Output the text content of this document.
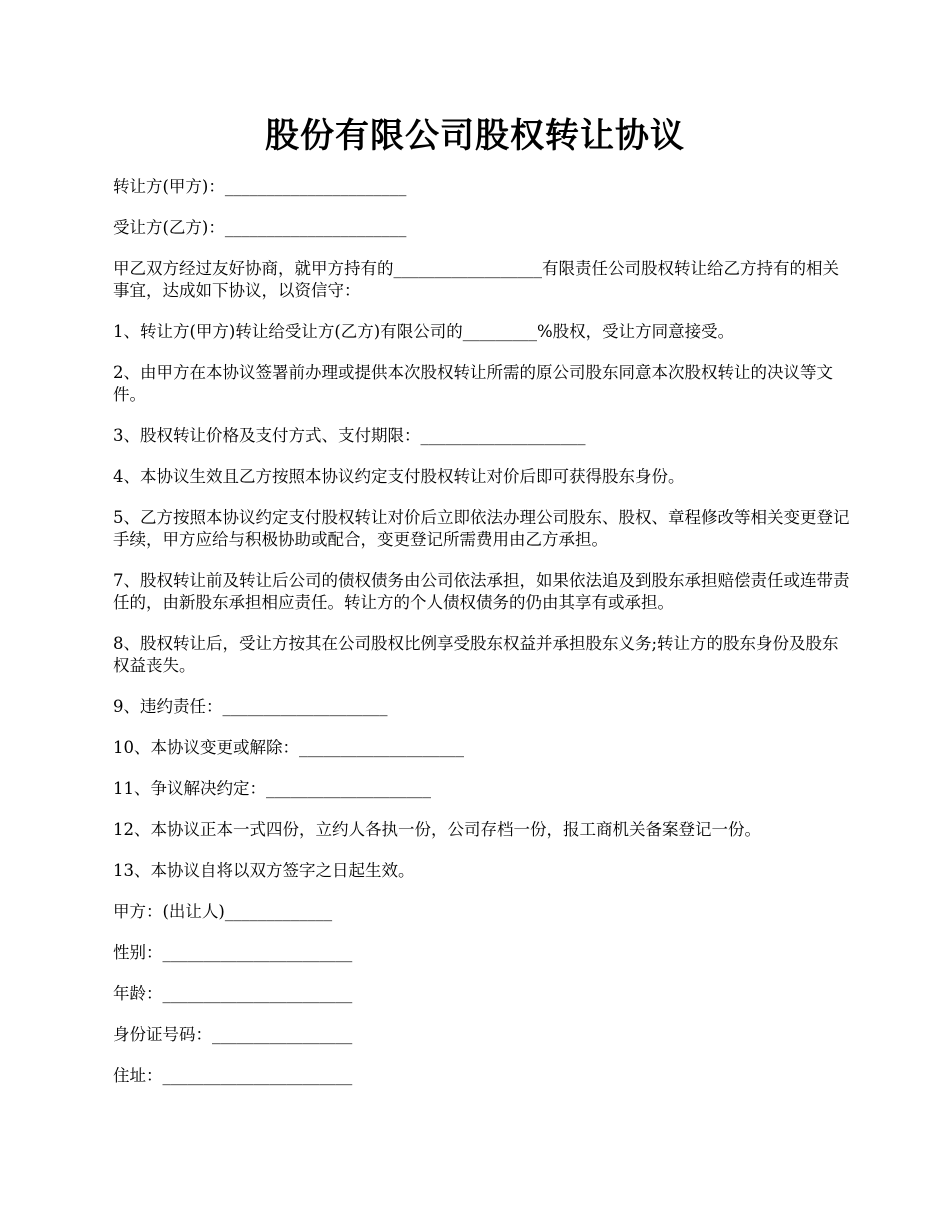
股份有限公司股权转让协议

转让方(甲方)：______________________

受让方(乙方)：______________________

甲乙双方经过友好协商，就甲方持有的__________________有限责任公司股权转让给乙方持有的相关事宜，达成如下协议，以资信守：

1、转让方(甲方)转让给受让方(乙方)有限公司的_________%股权，受让方同意接受。

2、由甲方在本协议签署前办理或提供本次股权转让所需的原公司股东同意本次股权转让的决议等文件。

3、股权转让价格及支付方式、支付期限：____________________

4、本协议生效且乙方按照本协议约定支付股权转让对价后即可获得股东身份。

5、乙方按照本协议约定支付股权转让对价后立即依法办理公司股东、股权、章程修改等相关变更登记手续，甲方应给与积极协助或配合，变更登记所需费用由乙方承担。

7、股权转让前及转让后公司的债权债务由公司依法承担，如果依法追及到股东承担赔偿责任或连带责任的，由新股东承担相应责任。转让方的个人债权债务的仍由其享有或承担。

8、股权转让后，受让方按其在公司股权比例享受股东权益并承担股东义务;转让方的股东身份及股东权益丧失。

9、违约责任：____________________

10、本协议变更或解除：____________________

11、争议解决约定：____________________

12、本协议正本一式四份，立约人各执一份，公司存档一份，报工商机关备案登记一份。

13、本协议自将以双方签字之日起生效。

甲方：(出让人)_____________

性别：_______________________

年龄：_______________________

身份证号码：_________________

住址：_______________________
